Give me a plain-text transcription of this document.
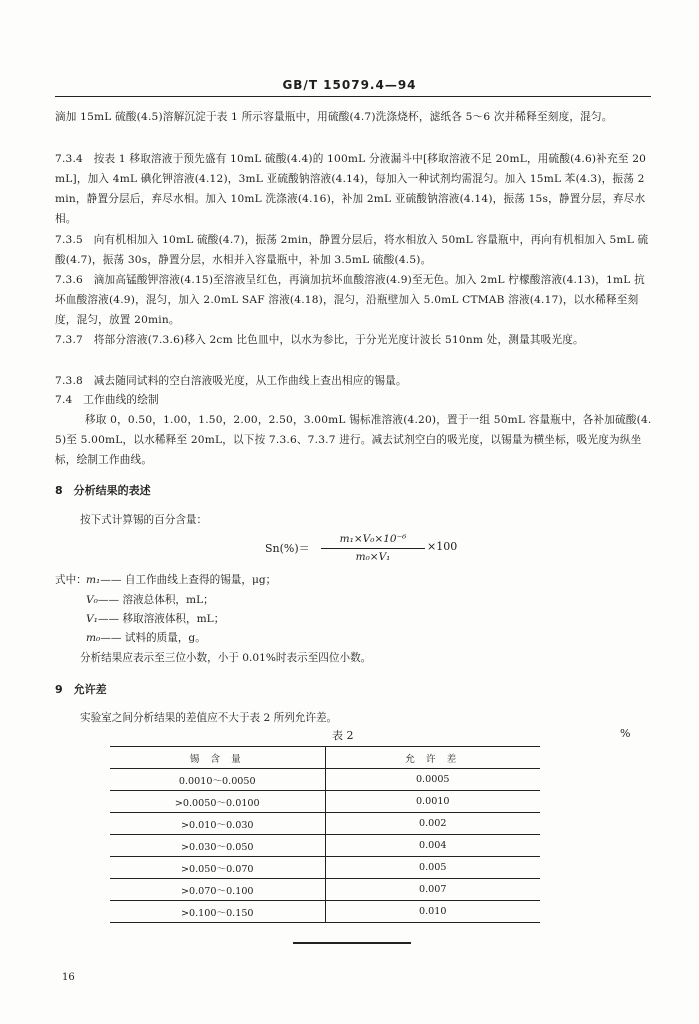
GB/T 15079.4—94
滴加 15mL 硫酸(4.5)溶解沉淀于表 1 所示容量瓶中，用硫酸(4.7)洗涤烧杯，滤纸各 5～6 次并稀释至刻度，混匀。
7.3.4　按表 1 移取溶液于预先盛有 10mL 硫酸(4.4)的 100mL 分液漏斗中[移取溶液不足 20mL，用硫酸(4.6)补充至 20mL]，加入 4mL 碘化钾溶液(4.12)，3mL 亚硫酸钠溶液(4.14)，每加入一种试剂均需混匀。加入 15mL 苯(4.3)，振荡 2min，静置分层后，弃尽水相。加入 10mL 洗涤液(4.16)，补加 2mL 亚硫酸钠溶液(4.14)，振荡 15s，静置分层，弃尽水相。
7.3.5　向有机相加入 10mL 硫酸(4.7)，振荡 2min，静置分层后，将水相放入 50mL 容量瓶中，再向有机相加入 5mL 硫酸(4.7)，振荡 30s，静置分层，水相并入容量瓶中，补加 3.5mL 硫酸(4.5)。
7.3.6　滴加高锰酸钾溶液(4.15)至溶液呈红色，再滴加抗坏血酸溶液(4.9)至无色。加入 2mL 柠檬酸溶液(4.13)，1mL 抗坏血酸溶液(4.9)，混匀，加入 2.0mL SAF 溶液(4.18)，混匀，沿瓶壁加入 5.0mL CTMAB 溶液(4.17)，以水稀释至刻度，混匀，放置 20min。
7.3.7　将部分溶液(7.3.6)移入 2cm 比色皿中，以水为参比，于分光光度计波长 510nm 处，测量其吸光度。
7.3.8　减去随同试料的空白溶液吸光度，从工作曲线上查出相应的锡量。
7.4　工作曲线的绘制
移取 0，0.50，1.00，1.50，2.00，2.50，3.00mL 锡标准溶液(4.20)，置于一组 50mL 容量瓶中，各补加硫酸(4.5)至 5.00mL，以水稀释至 20mL，以下按 7.3.6、7.3.7 进行。减去试剂空白的吸光度，以锡量为横坐标，吸光度为纵坐标，绘制工作曲线。
8　分析结果的表述
按下式计算锡的百分含量：
Sn(%)＝
m₁×V₀×10⁻⁶
m₀×V₁
×100
式中： m₁—— 自工作曲线上查得的锡量，μg；
V₀—— 溶液总体积，mL；
V₁—— 移取溶液体积，mL；
m₀—— 试料的质量，g。
分析结果应表示至三位小数，小于 0.01%时表示至四位小数。
9　允许差
实验室之间分析结果的差值应不大于表 2 所列允许差。
表 2	%
锡 含 量	允 许 差
0.0010～0.0050	0.0005
>0.0050～0.0100	0.0010
>0.010～0.030	0.002
>0.030～0.050	0.004
>0.050～0.070	0.005
>0.070～0.100	0.007
>0.100～0.150	0.010
16
